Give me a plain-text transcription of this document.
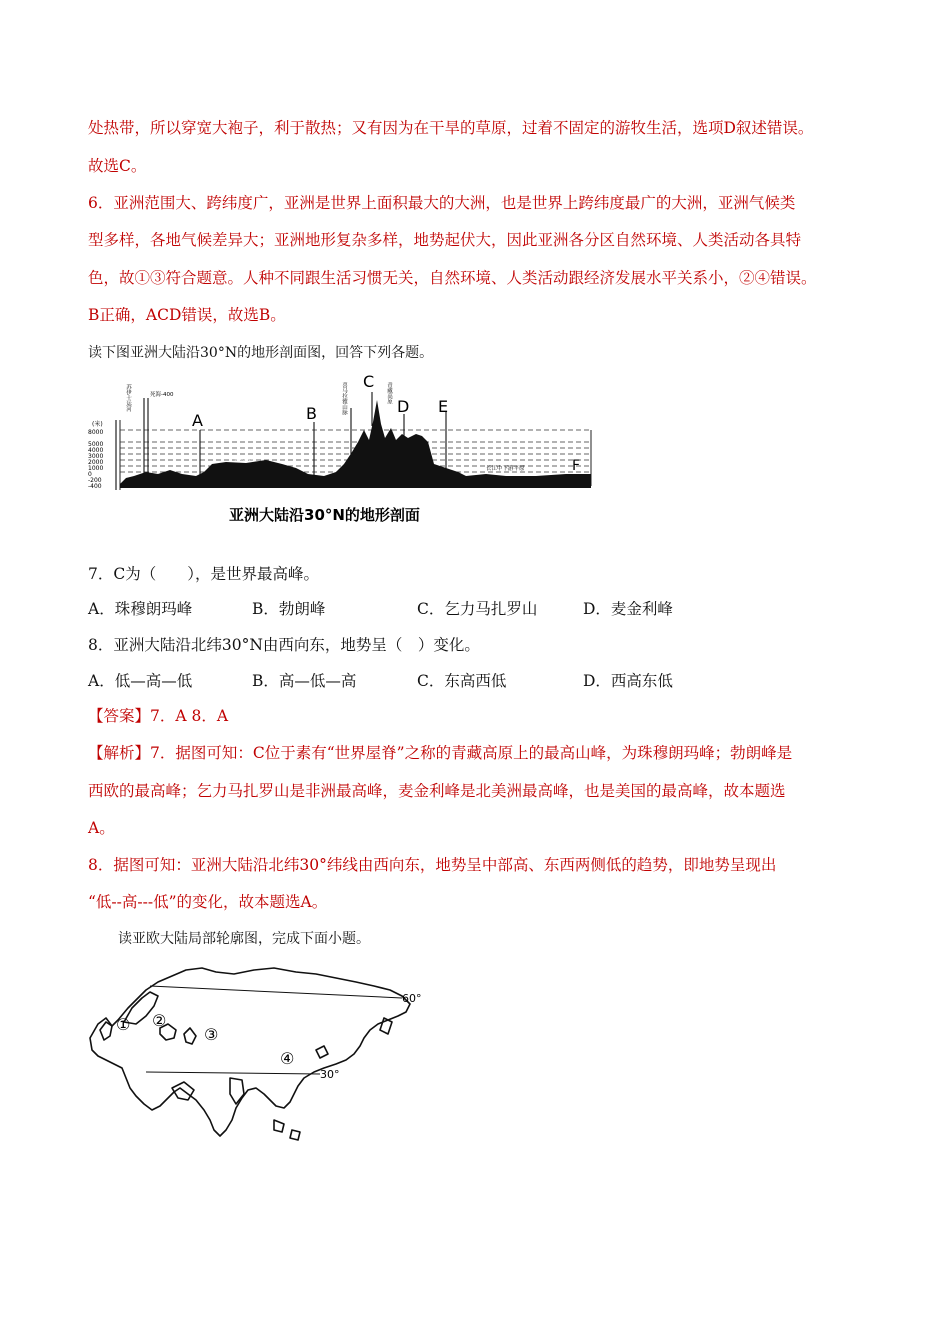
处热带，所以穿宽大袍子，利于散热；又有因为在干旱的草原，过着不固定的游牧生活，选项D叙述错误。
故选C。
6．亚洲范围大、跨纬度广，亚洲是世界上面积最大的大洲，也是世界上跨纬度最广的大洲，亚洲气候类
型多样，各地气候差异大；亚洲地形复杂多样，地势起伏大，因此亚洲各分区自然环境、人类活动各具特
色，故①③符合题意。人种不同跟生活习惯无关，自然环境、人类活动跟经济发展水平关系小，②④错误。
B正确，ACD错误，故选B。
读下图亚洲大陆沿30°N的地形剖面图，回答下列各题。
(米)
8000
5000
4000
3000
2000
1000
0
-200
-400
苏伊士运河	死海-400	喜马拉雅山脉	青藏高原
伊朗高原
长江中下游平原
A	B
C
D E
F
亚洲大陆沿30°N的地形剖面
7．C为（　　），是世界最高峰。
A．珠穆朗玛峰	B．勃朗峰	C．乞力马扎罗山	D．麦金利峰
8．亚洲大陆沿北纬30°N由西向东，地势呈（　）变化。
A．低—高—低	B．高—低—高	C．东高西低	D．西高东低
【答案】7．A 8．A
【解析】7．据图可知：C位于素有“世界屋脊”之称的青藏高原上的最高山峰，为珠穆朗玛峰；勃朗峰是
西欧的最高峰；乞力马扎罗山是非洲最高峰，麦金利峰是北美洲最高峰，也是美国的最高峰，故本题选
A。
8．据图可知：亚洲大陆沿北纬30°纬线由西向东，地势呈中部高、东西两侧低的趋势，即地势呈现出
“低--高---低”的变化，故本题选A。
读亚欧大陆局部轮廓图，完成下面小题。
60°
30°
① ②
③
④
